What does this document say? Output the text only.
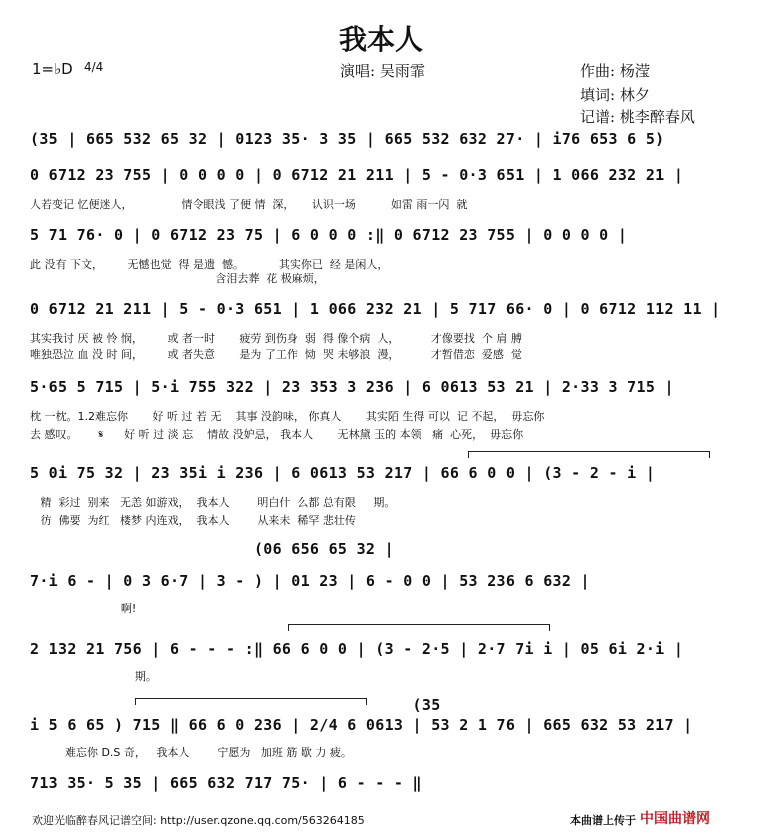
我本人
1=♭D 4/4	演唱: 吴雨霏	作曲: 杨滢
填词: 林夕
记谱: 桃李醉春风
(35 | 665 532 65 32 | 0123 35· 3 35 | 665 532 632 27· | i76 653 6 5)
0 6712 23 755 | 0 0 0 0 | 0 6712 21 211 | 5 - 0·3 651 | 1 066 232 21 |
人若变记 忆便迷人，              情令眼浅 了便 情  深，     认识一场          如雷 雨一闪  就
5 71 76· 0 | 0 6712 23 75 | 6 0 0 0 :‖ 0 6712 23 755 | 0 0 0 0 |
此 没有 下文，       无憾也觉  得 是遗  憾。          其实你已  经 是闲人，
含泪去葬  花 极麻烦，
0 6712 21 211 | 5 - 0·3 651 | 1 066 232 21 | 5 717 66· 0 | 0 6712 112 11 |
其实我讨 厌 被 怜 悯，       或 者一时       疲劳 到伤身  弱  得 像个病  人，         才像要找  个 肩 膊
唯独恐泣 血 没 时 间，       或 者失意       是为 了工作  恸  哭 未够浪  漫，         才暂借恋  爱感  觉
5·65 5 715 | 5·i 755 322 | 23 353 3 236 | 6 0613 53 21 | 2·33 3 715 |
枕 一枕。1.2难忘你       好 听 过 若 无    其事 没韵味， 你真人       其实陌 生得 可以  记 不起，  毋忘你
去 感叹。      𝄋      好 听 过 淡 忘    情故 没妒忌， 我本人       无林黛 玉的 本领   痛  心死，  毋忘你
5 0i 75 32 | 23 35i i 236 | 6 0613 53 217 | 66 6 0 0 | (3 - 2 - i |
精  彩过  别来   无恙 如游戏，  我本人        明白什  么都 总有限     期。
彷  佛要  为红   楼梦 内连戏，  我本人        从来未  稀罕 悲壮传
(06 656 65 32 |
7·i 6 - | 0 3 6·7 | 3 - ) | 01 23 | 6 - 0 0 | 53 236 6 632 |
啊!
2 132 21 756 | 6 - - - :‖ 66 6 0 0 | (3 - 2·5 | 2·7 7i i | 05 6i 2·i |
期。
(35
i 5 6 65 ) 715 ‖ 66 6 0 236 | 2/4 6 0613 | 53 2 1 76 | 665 632 53 217 |
难忘你 D.S 奇，   我本人        宁愿为   加班 筋 歇 力 疲。
713 35· 5 35 | 665 632 717 75· | 6 - - - ‖
欢迎光临醉春风记谱空间: http://user.qzone.qq.com/563264185	本曲谱上传于 中国曲谱网
